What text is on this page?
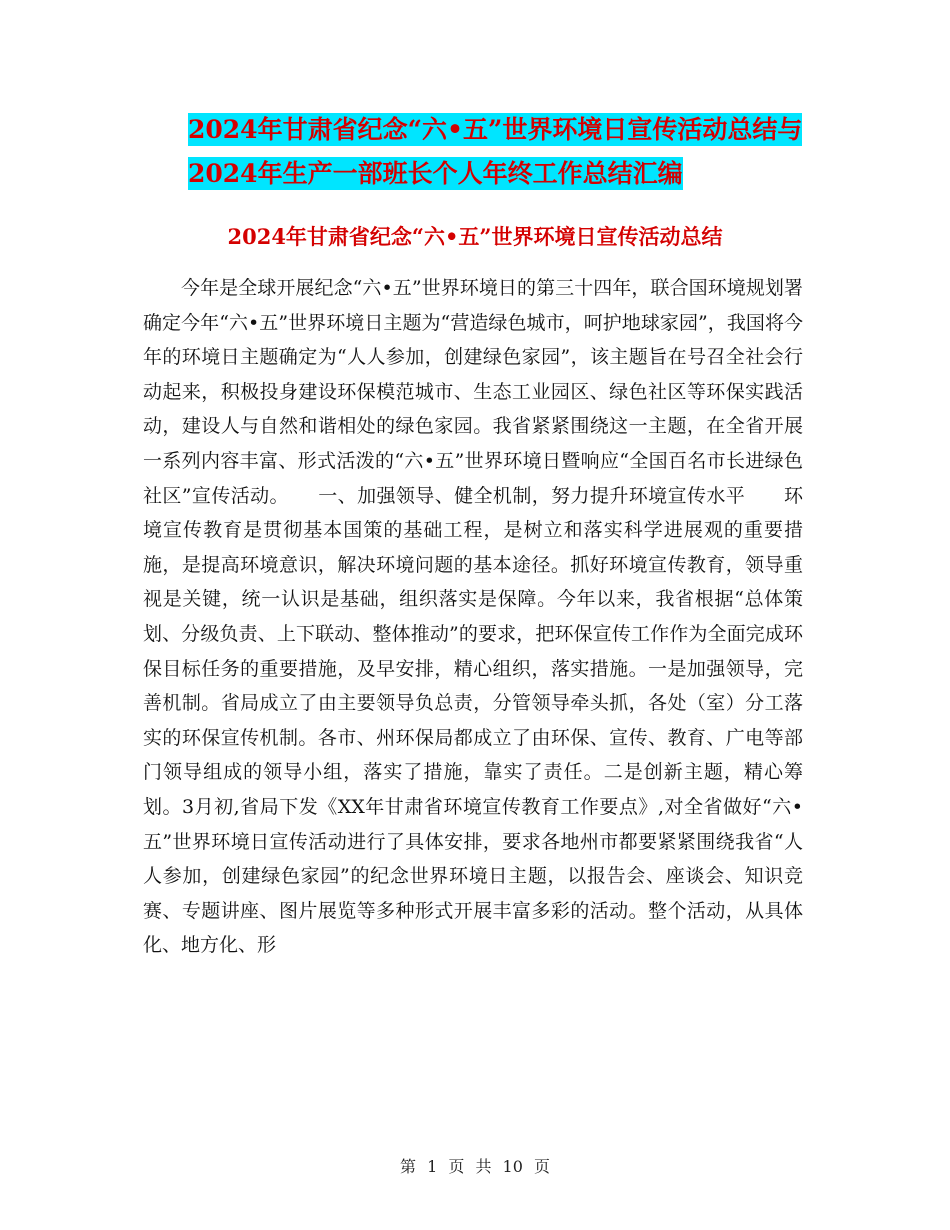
2024年甘肃省纪念“六•五”世界环境日宣传活动总结与2024年生产一部班长个人年终工作总结汇编
2024年甘肃省纪念“六•五”世界环境日宣传活动总结

今年是全球开展纪念“六•五”世界环境日的第三十四年，联合国环境规划署确定今年“六•五”世界环境日主题为“营造绿色城市，呵护地球家园”，我国将今年的环境日主题确定为“人人参加，创建绿色家园”，该主题旨在号召全社会行动起来，积极投身建设环保模范城市、生态工业园区、绿色社区等环保实践活动，建设人与自然和谐相处的绿色家园。我省紧紧围绕这一主题，在全省开展一系列内容丰富、形式活泼的“六•五”世界环境日暨响应“全国百名市长进绿色社区”宣传活动。　　一、加强领导、健全机制，努力提升环境宣传水平　　环境宣传教育是贯彻基本国策的基础工程，是树立和落实科学进展观的重要措施，是提高环境意识，解决环境问题的基本途径。抓好环境宣传教育，领导重视是关键，统一认识是基础，组织落实是保障。今年以来，我省根据“总体策划、分级负责、上下联动、整体推动”的要求，把环保宣传工作作为全面完成环保目标任务的重要措施，及早安排，精心组织，落实措施。一是加强领导，完善机制。省局成立了由主要领导负总责，分管领导牵头抓，各处（室）分工落实的环保宣传机制。各市、州环保局都成立了由环保、宣传、教育、广电等部门领导组成的领导小组，落实了措施，靠实了责任。二是创新主题，精心筹划。3月初,省局下发《XX年甘肃省环境宣传教育工作要点》,对全省做好“六•五”世界环境日宣传活动进行了具体安排，要求各地州市都要紧紧围绕我省“人人参加，创建绿色家园”的纪念世界环境日主题，以报告会、座谈会、知识竞赛、专题讲座、图片展览等多种形式开展丰富多彩的活动。整个活动，从具体化、地方化、形

第 1 页 共 10 页
